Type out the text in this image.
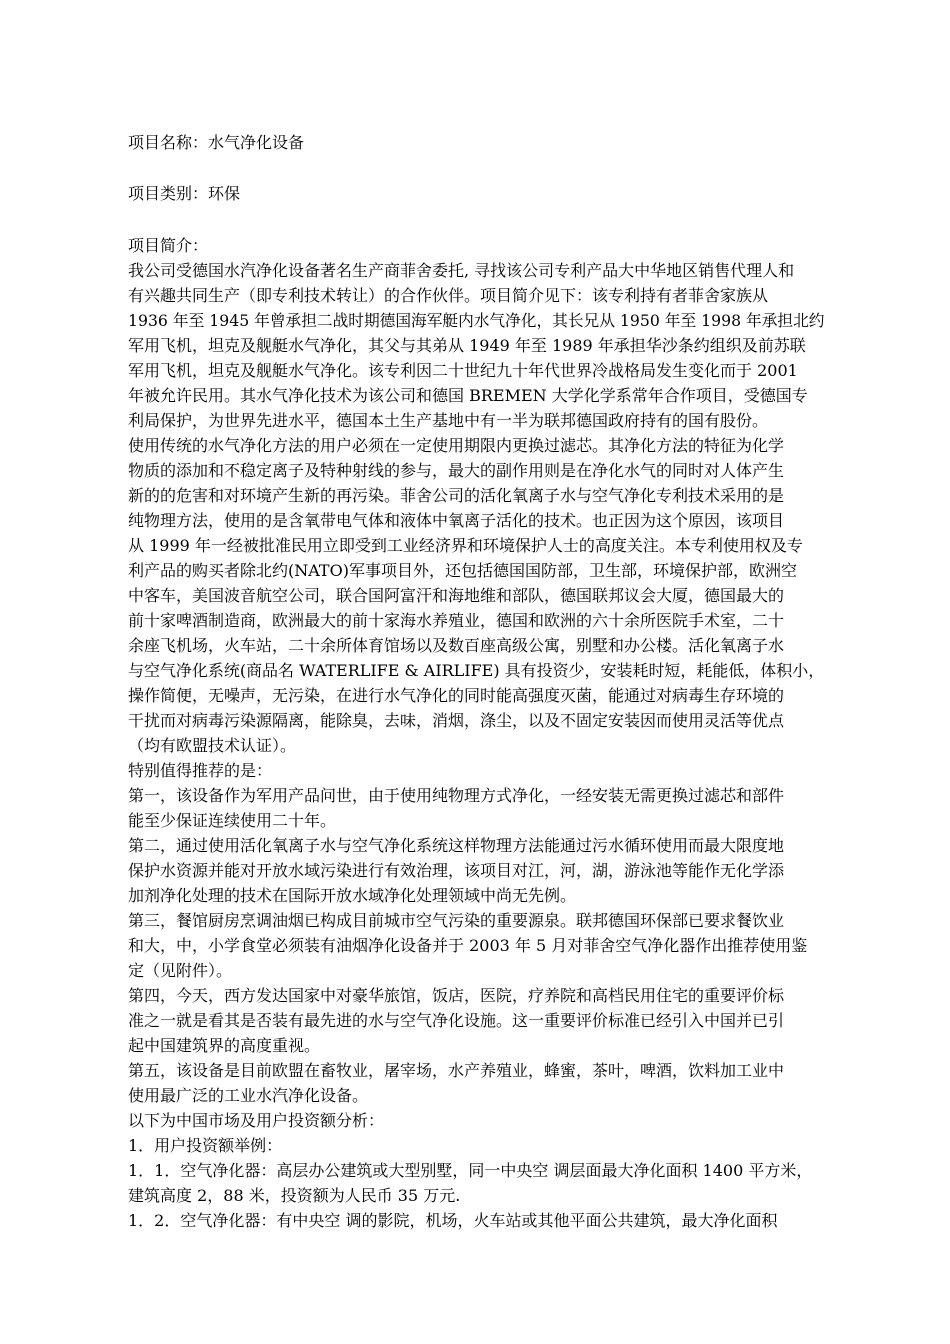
项目名称：水气净化设备
项目类别：环保
项目简介：
我公司受德国水汽净化设备著名生产商菲舍委托, 寻找该公司专利产品大中华地区销售代理人和
有兴趣共同生产（即专利技术转让）的合作伙伴。项目简介见下：该专利持有者菲舍家族从
1936 年至 1945 年曾承担二战时期德国海军艇内水气净化，其长兄从 1950 年至 1998 年承担北约
军用飞机，坦克及舰艇水气净化，其父与其弟从 1949 年至 1989 年承担华沙条约组织及前苏联
军用飞机，坦克及舰艇水气净化。该专利因二十世纪九十年代世界冷战格局发生变化而于 2001
年被允许民用。其水气净化技术为该公司和德国 BREMEN 大学化学系常年合作项目，受德国专
利局保护，为世界先进水平，德国本土生产基地中有一半为联邦德国政府持有的国有股份。
使用传统的水气净化方法的用户必须在一定使用期限内更换过滤芯。其净化方法的特征为化学
物质的添加和不稳定离子及特种射线的参与，最大的副作用则是在净化水气的同时对人体产生
新的的危害和对环境产生新的再污染。菲舍公司的活化氧离子水与空气净化专利技术采用的是
纯物理方法，使用的是含氧带电气体和液体中氧离子活化的技术。也正因为这个原因，该项目
从 1999 年一经被批准民用立即受到工业经济界和环境保护人士的高度关注。本专利使用权及专
利产品的购买者除北约(NATO)军事项目外，还包括德国国防部，卫生部，环境保护部，欧洲空
中客车，美国波音航空公司，联合国阿富汗和海地维和部队，德国联邦议会大厦，德国最大的
前十家啤酒制造商，欧洲最大的前十家海水养殖业，德国和欧洲的六十余所医院手术室，二十
余座飞机场，火车站，二十余所体育馆场以及数百座高级公寓，别墅和办公楼。活化氧离子水
与空气净化系统(商品名 WATERLIFE & AIRLIFE) 具有投资少，安装耗时短，耗能低，体积小，
操作简便，无噪声，无污染，在进行水气净化的同时能高强度灭菌，能通过对病毒生存环境的
干扰而对病毒污染源隔离，能除臭，去味，消烟，涤尘，以及不固定安装因而使用灵活等优点
（均有欧盟技术认证）。
特别值得推荐的是：
第一，该设备作为军用产品问世，由于使用纯物理方式净化，一经安装无需更换过滤芯和部件
能至少保证连续使用二十年。
第二，通过使用活化氧离子水与空气净化系统这样物理方法能通过污水循环使用而最大限度地
保护水资源并能对开放水域污染进行有效治理，该项目对江，河，湖，游泳池等能作无化学添
加剂净化处理的技术在国际开放水域净化处理领域中尚无先例。
第三，餐馆厨房烹调油烟已构成目前城市空气污染的重要源泉。联邦德国环保部已要求餐饮业
和大，中，小学食堂必须装有油烟净化设备并于 2003 年 5 月对菲舍空气净化器作出推荐使用鉴
定（见附件）。
第四，今天，西方发达国家中对豪华旅馆，饭店，医院，疗养院和高档民用住宅的重要评价标
准之一就是看其是否装有最先进的水与空气净化设施。这一重要评价标准已经引入中国并已引
起中国建筑界的高度重视。
第五，该设备是目前欧盟在畜牧业，屠宰场，水产养殖业，蜂蜜，茶叶，啤酒，饮料加工业中
使用最广泛的工业水汽净化设备。
以下为中国市场及用户投资额分析：
1．用户投资额举例：
1．1．空气净化器：高层办公建筑或大型别墅，同一中央空 调层面最大净化面积 1400 平方米，
建筑高度 2，88 米，投资额为人民币 35 万元.
1．2．空气净化器：有中央空 调的影院，机场，火车站或其他平面公共建筑，最大净化面积
